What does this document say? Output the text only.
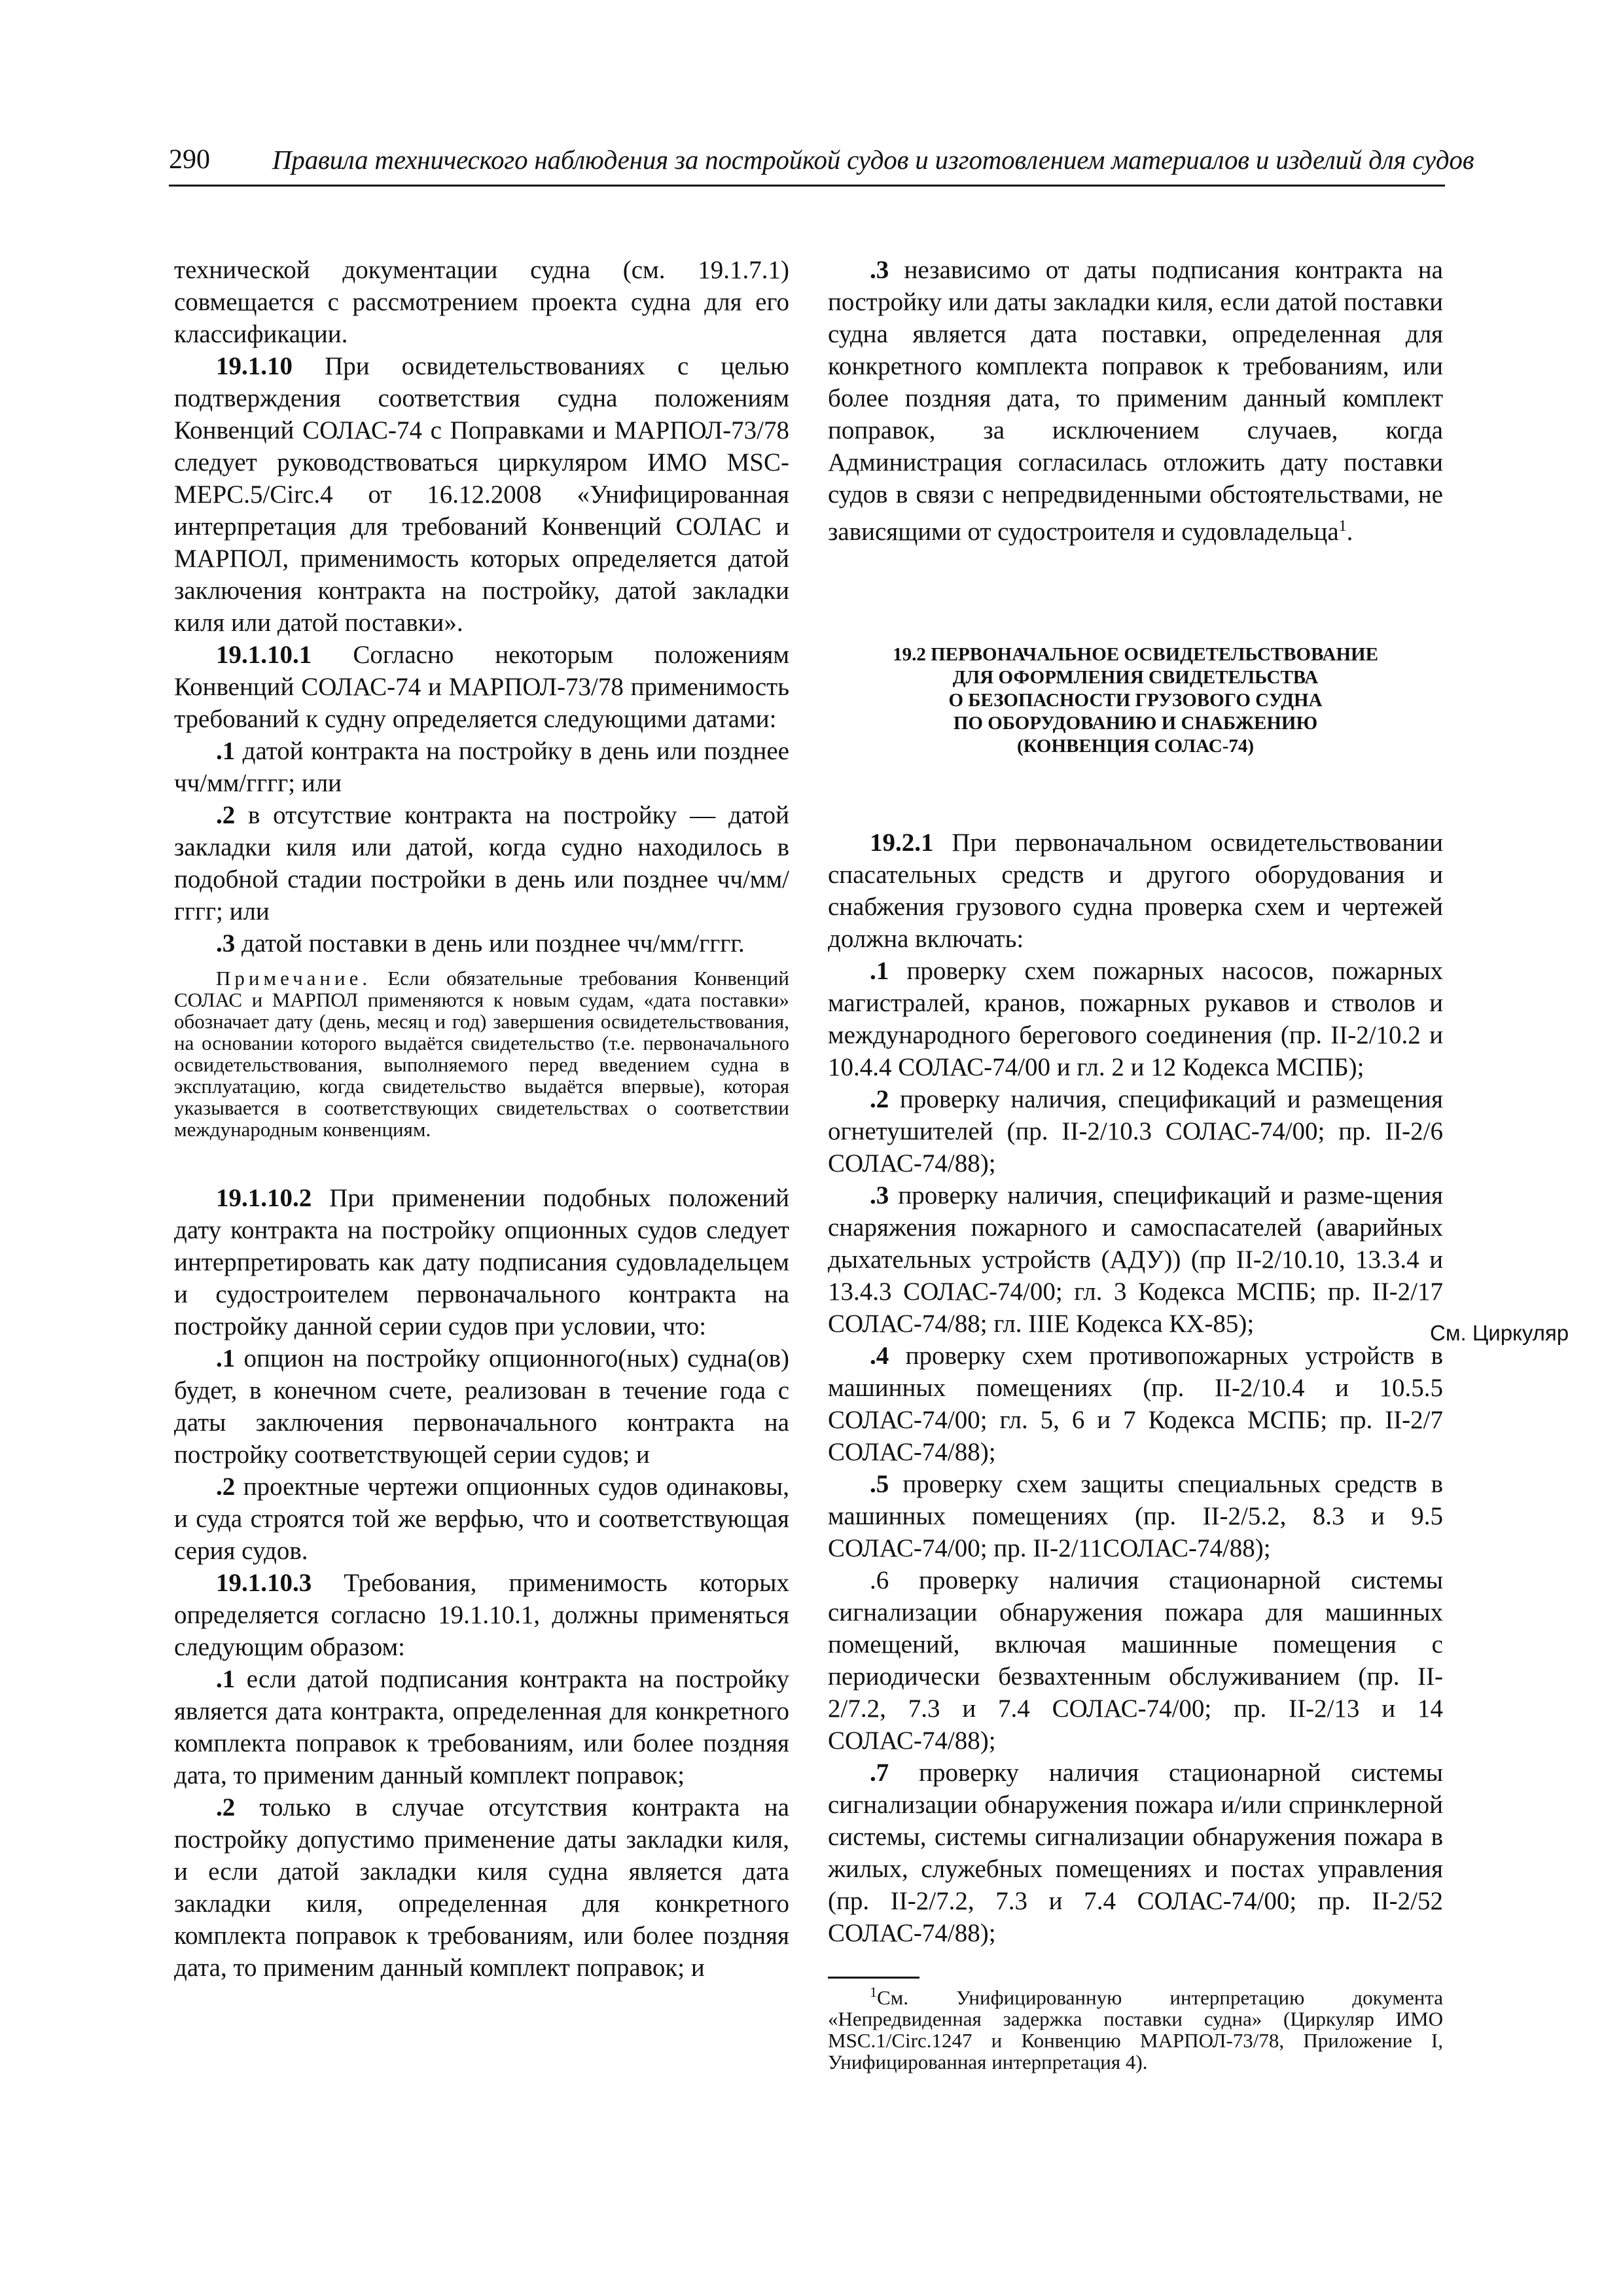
290 Правила технического наблюдения за постройкой судов и изготовлением материалов и изделий для судов

технической документации судна (см. 19.1.7.1) совмещается с рассмотрением проекта судна для его классификации.

19.1.10 При освидетельствованиях с целью подтверждения соответствия судна положениям Конвенций СОЛАС-74 с Поправками и МАРПОЛ-73/78 следует руководствоваться циркуляром ИМО MSC-MEPC.5/Circ.4 от 16.12.2008 «Унифицированная интерпретация для требований Конвенций СОЛАС и МАРПОЛ, применимость которых определяется датой заключения контракта на постройку, датой закладки киля или датой поставки».

19.1.10.1 Согласно некоторым положениям Конвенций СОЛАС-74 и МАРПОЛ-73/78 применимость требований к судну определяется следующими датами:

.1 датой контракта на постройку в день или позднее чч/мм/гггг; или

.2 в отсутствие контракта на постройку — датой закладки киля или датой, когда судно находилось в подобной стадии постройки в день или позднее чч/мм/гггг; или

.3 датой поставки в день или позднее чч/мм/гггг.

Примечание. Если обязательные требования Конвенций СОЛАС и МАРПОЛ применяются к новым судам, «дата поставки» обозначает дату (день, месяц и год) завершения освидетельствования, на основании которого выдаётся свидетельство (т.е. первоначального освидетельствования, выполняемого перед введением судна в эксплуатацию, когда свидетельство выдаётся впервые), которая указывается в соответствующих свидетельствах о соответствии международным конвенциям.

19.1.10.2 При применении подобных положений дату контракта на постройку опционных судов следует интерпретировать как дату подписания судовладельцем и судостроителем первоначального контракта на постройку данной серии судов при условии, что:

.1 опцион на постройку опционного(ных) судна(ов) будет, в конечном счете, реализован в течение года с даты заключения первоначального контракта на постройку соответствующей серии судов; и

.2 проектные чертежи опционных судов одинаковы, и суда строятся той же верфью, что и соответствующая серия судов.

19.1.10.3 Требования, применимость которых определяется согласно 19.1.10.1, должны применяться следующим образом:

.1 если датой подписания контракта на постройку является дата контракта, определенная для конкретного комплекта поправок к требованиям, или более поздняя дата, то применим данный комплект поправок;

.2 только в случае отсутствия контракта на постройку допустимо применение даты закладки киля, и если датой закладки киля судна является дата закладки киля, определенная для конкретного комплекта поправок к требованиям, или более поздняя дата, то применим данный комплект поправок; и

.3 независимо от даты подписания контракта на постройку или даты закладки киля, если датой поставки судна является дата поставки, определенная для конкретного комплекта поправок к требованиям, или более поздняя дата, то применим данный комплект поправок, за исключением случаев, когда Администрация согласилась отложить дату поставки судов в связи с непредвиденными обстоятельствами, не зависящими от судостроителя и судовладельца$^1$.

19.2 ПЕРВОНАЧАЛЬНОЕ ОСВИДЕТЕЛЬСТВОВАНИЕ
ДЛЯ ОФОРМЛЕНИЯ СВИДЕТЕЛЬСТВА
О БЕЗОПАСНОСТИ ГРУЗОВОГО СУДНА
ПО ОБОРУДОВАНИЮ И СНАБЖЕНИЮ
(КОНВЕНЦИЯ СОЛАС-74)

19.2.1 При первоначальном освидетельствовании спасательных средств и другого оборудования и снабжения грузового судна проверка схем и чертежей должна включать:

.1 проверку схем пожарных насосов, пожарных магистралей, кранов, пожарных рукавов и стволов и международного берегового соединения (пр. II-2/10.2 и 10.4.4 СОЛАС-74/00 и гл. 2 и 12 Кодекса МСПБ);

.2 проверку наличия, спецификаций и размещения огнетушителей (пр. II-2/10.3 СОЛАС-74/00; пр. II-2/6 СОЛАС-74/88);

.3 проверку наличия, спецификаций и разме-щения снаряжения пожарного и самоспасателей (аварийных дыхательных устройств (АДУ)) (пр II-2/10.10, 13.3.4 и 13.4.3 СОЛАС-74/00; гл. 3 Кодекса МСПБ; пр. II-2/17 СОЛАС-74/88; гл. IIIЕ Кодекса КХ-85);

.4 проверку схем противопожарных устройств в машинных помещениях (пр. II-2/10.4 и 10.5.5 СОЛАС-74/00; гл. 5, 6 и 7 Кодекса МСПБ; пр. II-2/7 СОЛАС-74/88);

.5 проверку схем защиты специальных средств в машинных помещениях (пр. II-2/5.2, 8.3 и 9.5 СОЛАС-74/00; пр. II-2/11СОЛАС-74/88);

.6 проверку наличия стационарной системы сигнализации обнаружения пожара для машинных помещений, включая машинные помещения с периодически безвахтенным обслуживанием (пр. II-2/7.2, 7.3 и 7.4 СОЛАС-74/00; пр. II-2/13 и 14 СОЛАС-74/88);

.7 проверку наличия стационарной системы сигнализации обнаружения пожара и/или спринклерной системы, системы сигнализации обнаружения пожара в жилых, служебных помещениях и постах управления (пр. II-2/7.2, 7.3 и 7.4 СОЛАС-74/00; пр. II-2/52 СОЛАС-74/88);

$^1$См. Унифицированную интерпретацию документа «Непредвиденная задержка поставки судна» (Циркуляр ИМО MSC.1/Circ.1247 и Конвенцию МАРПОЛ-73/78, Приложение I, Унифицированная интерпретация 4).

См. Циркуляр
